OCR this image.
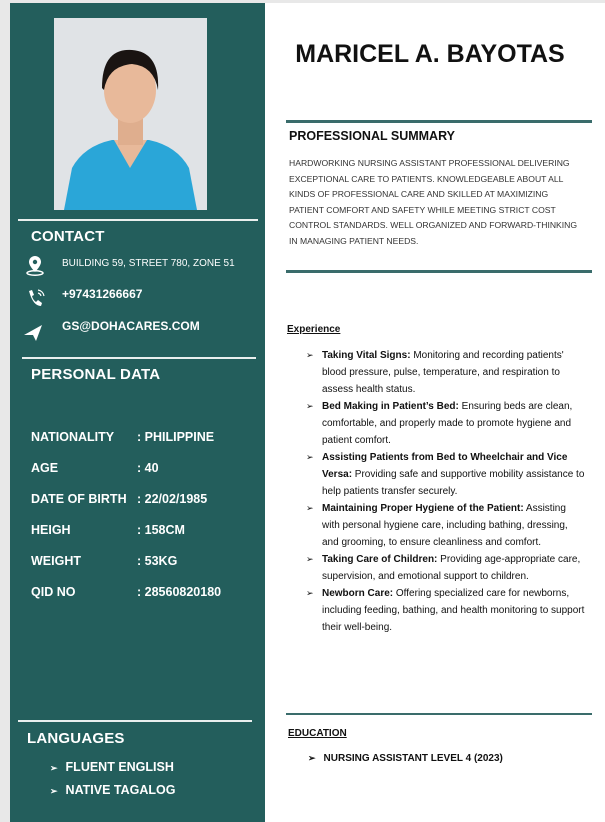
CONTACT
BUILDING 59, STREET 780, ZONE 51
+97431266667
GS@DOHACARES.COM
PERSONAL DATA
NATIONALITY : PHILIPPINE
AGE	: 40
DATE OF BIRTH : 22/02/1985
HEIGH	: 158CM
WEIGHT	: 53KG
QID NO	: 28560820180
LANGUAGES
➢ FLUENT ENGLISH
➢ NATIVE TAGALOG
MARICEL A. BAYOTAS
PROFESSIONAL SUMMARY
HARDWORKING NURSING ASSISTANT PROFESSIONAL DELIVERING EXCEPTIONAL CARE TO PATIENTS. KNOWLEDGEABLE ABOUT ALL KINDS OF PROFESSIONAL CARE AND SKILLED AT MAXIMIZING PATIENT COMFORT AND SAFETY WHILE MEETING STRICT COST CONTROL STANDARDS. WELL ORGANIZED AND FORWARD-THINKING IN MANAGING PATIENT NEEDS.
Experience
➢ Taking Vital Signs: Monitoring and recording patients' blood pressure, pulse, temperature, and respiration to assess health status.
➢ Bed Making in Patient’s Bed: Ensuring beds are clean, comfortable, and properly made to promote hygiene and patient comfort.
➢ Assisting Patients from Bed to Wheelchair and Vice Versa: Providing safe and supportive mobility assistance to help patients transfer securely.
➢ Maintaining Proper Hygiene of the Patient: Assisting with personal hygiene care, including bathing, dressing, and grooming, to ensure cleanliness and comfort.
➢ Taking Care of Children: Providing age-appropriate care, supervision, and emotional support to children.
➢ Newborn Care: Offering specialized care for newborns, including feeding, bathing, and health monitoring to support their well-being.
EDUCATION
➢ NURSING ASSISTANT LEVEL 4 (2023)
